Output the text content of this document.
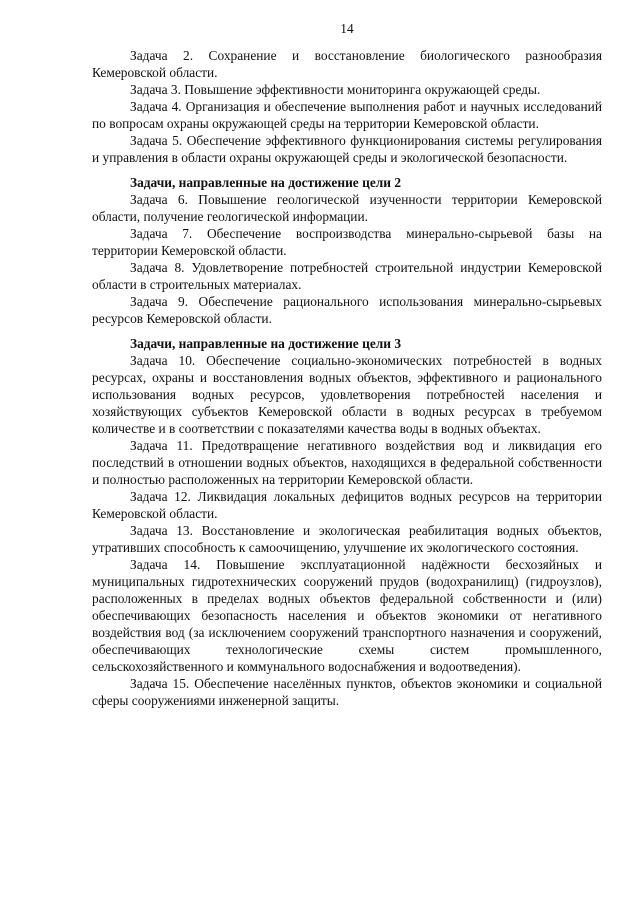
14

Задача 2. Сохранение и восстановление биологического разнообразия Кемеровской области.

Задача 3. Повышение эффективности мониторинга окружающей среды.

Задача 4. Организация и обеспечение выполнения работ и научных исследований по вопросам охраны окружающей среды на территории Кемеровской области.

Задача 5. Обеспечение эффективного функционирования системы регулирования и управления в области охраны окружающей среды и экологической безопасности.

Задачи, направленные на достижение цели 2

Задача 6. Повышение геологической изученности территории Кемеровской области, получение геологической информации.

Задача 7. Обеспечение воспроизводства минерально-сырьевой базы на территории Кемеровской области.

Задача 8. Удовлетворение потребностей строительной индустрии Кемеровской области в строительных материалах.

Задача 9. Обеспечение рационального использования минерально-сырьевых ресурсов Кемеровской области.

Задачи, направленные на достижение цели 3

Задача 10. Обеспечение социально-экономических потребностей в водных ресурсах, охраны и восстановления водных объектов, эффективного и рационального использования водных ресурсов, удовлетворения потребностей населения и хозяйствующих субъектов Кемеровской области в водных ресурсах в требуемом количестве и в соответствии с показателями качества воды в водных объектах.

Задача 11. Предотвращение негативного воздействия вод и ликвидация его последствий в отношении водных объектов, находящихся в федеральной собственности и полностью расположенных на территории Кемеровской области.

Задача 12. Ликвидация локальных дефицитов водных ресурсов на территории Кемеровской области.

Задача 13. Восстановление и экологическая реабилитация водных объектов, утративших способность к самоочищению, улучшение их экологического состояния.

Задача 14. Повышение эксплуатационной надёжности бесхозяйных и муниципальных гидротехнических сооружений прудов (водохранилищ) (гидроузлов), расположенных в пределах водных объектов федеральной собственности и (или) обеспечивающих безопасность населения и объектов экономики от негативного воздействия вод (за исключением сооружений транспортного назначения и сооружений, обеспечивающих технологические схемы систем промышленного, сельскохозяйственного и коммунального водоснабжения и водоотведения).

Задача 15. Обеспечение населённых пунктов, объектов экономики и социальной сферы сооружениями инженерной защиты.
